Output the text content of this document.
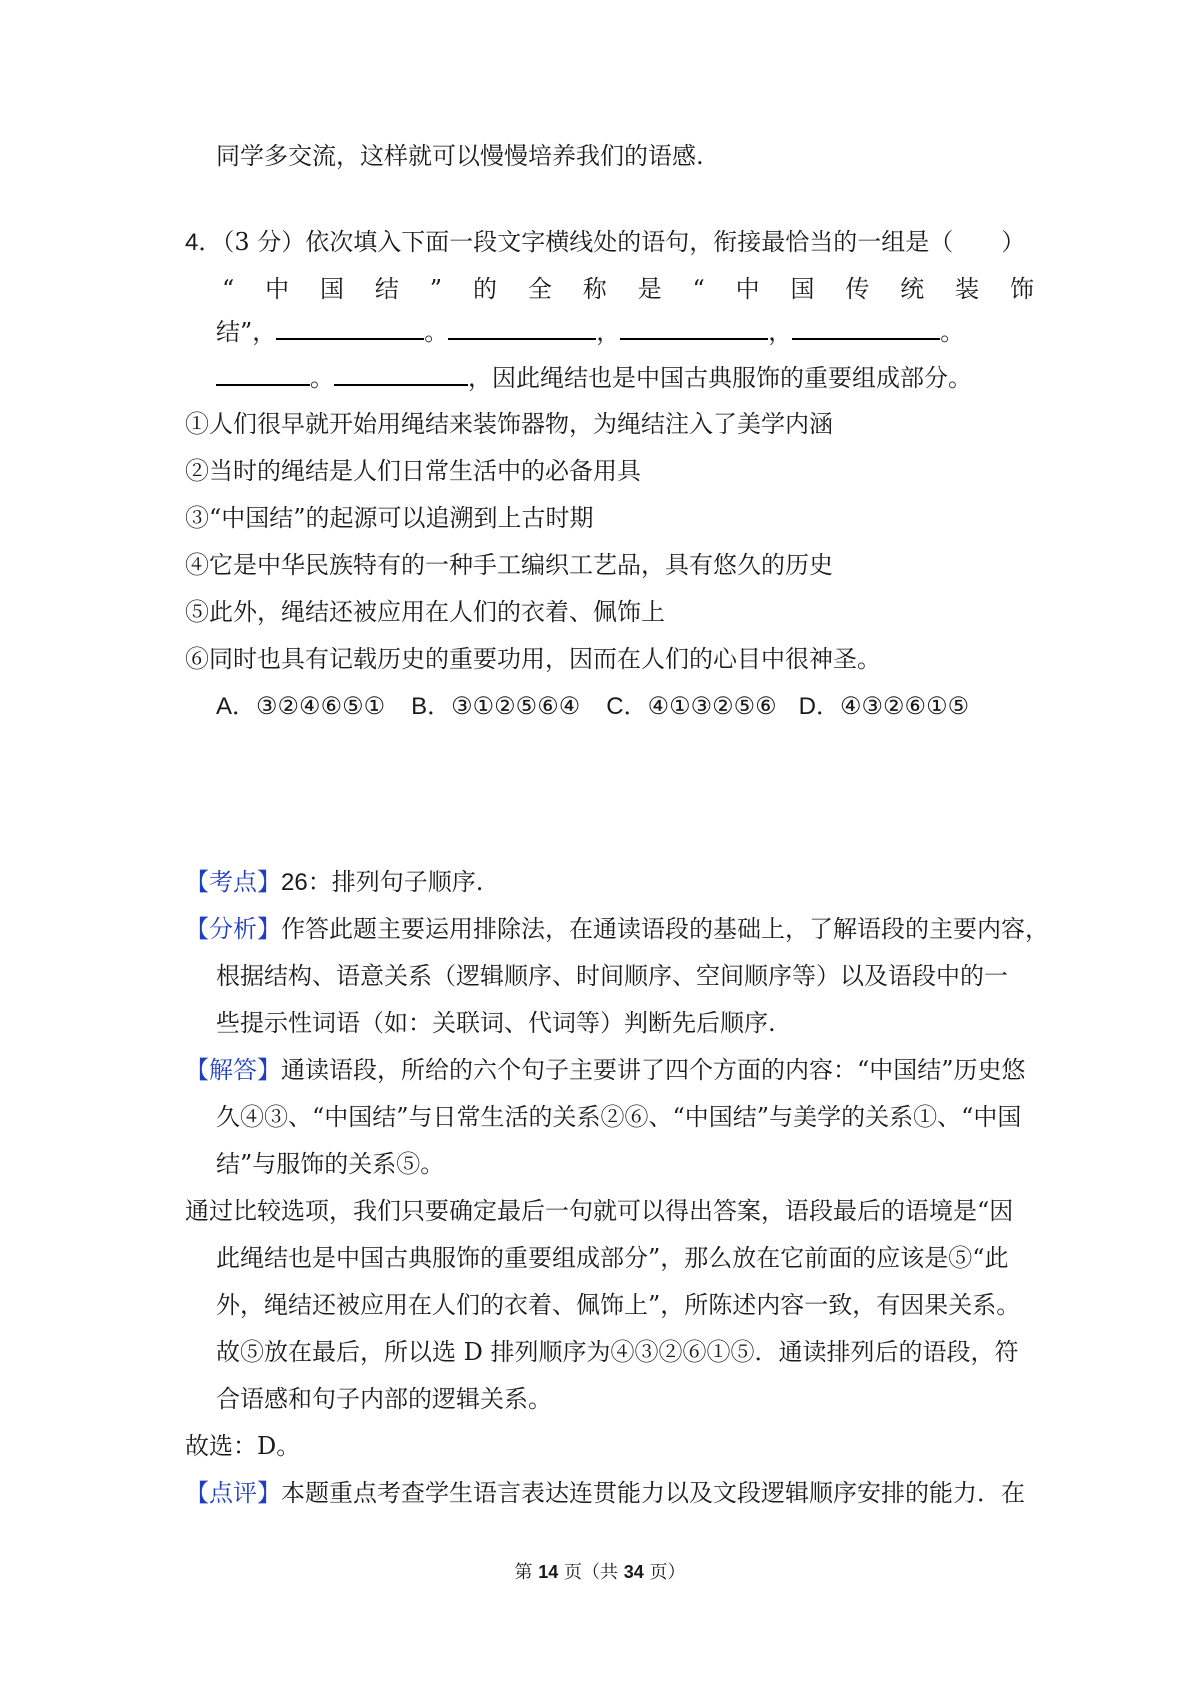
同学多交流，这样就可以慢慢培养我们的语感.
4．（3 分）依次填入下面一段文字横线处的语句，衔接最恰当的一组是（　　）
“ 中 国 结 ” 的 全 称 是 “ 中 国 传 统 装 饰
结”，	。	，	，	。
。	，因此绳结也是中国古典服饰的重要组成部分。
①人们很早就开始用绳结来装饰器物，为绳结注入了美学内涵
②当时的绳结是人们日常生活中的必备用具
③“中国结”的起源可以追溯到上古时期
④它是中华民族特有的一种手工编织工艺品，具有悠久的历史
⑤此外，绳结还被应用在人们的衣着、佩饰上
⑥同时也具有记载历史的重要功用，因而在人们的心目中很神圣。
A．③②④⑥⑤① B．③①②⑤⑥④ C．④①③②⑤⑥ D．④③②⑥①⑤
【考点】26：排列句子顺序.
【分析】作答此题主要运用排除法，在通读语段的基础上，了解语段的主要内容，
根据结构、语意关系（逻辑顺序、时间顺序、空间顺序等）以及语段中的一
些提示性词语（如：关联词、代词等）判断先后顺序.
【解答】通读语段，所给的六个句子主要讲了四个方面的内容：“中国结”历史悠
久④③、“中国结”与日常生活的关系②⑥、“中国结”与美学的关系①、“中国
结”与服饰的关系⑤。
通过比较选项，我们只要确定最后一句就可以得出答案，语段最后的语境是“因
此绳结也是中国古典服饰的重要组成部分”，那么放在它前面的应该是⑤“此
外，绳结还被应用在人们的衣着、佩饰上”，所陈述内容一致，有因果关系。
故⑤放在最后，所以选 D 排列顺序为④③②⑥①⑤．通读排列后的语段，符
合语感和句子内部的逻辑关系。
故选：D。
【点评】本题重点考查学生语言表达连贯能力以及文段逻辑顺序安排的能力．在
第 14 页（共 34 页）
